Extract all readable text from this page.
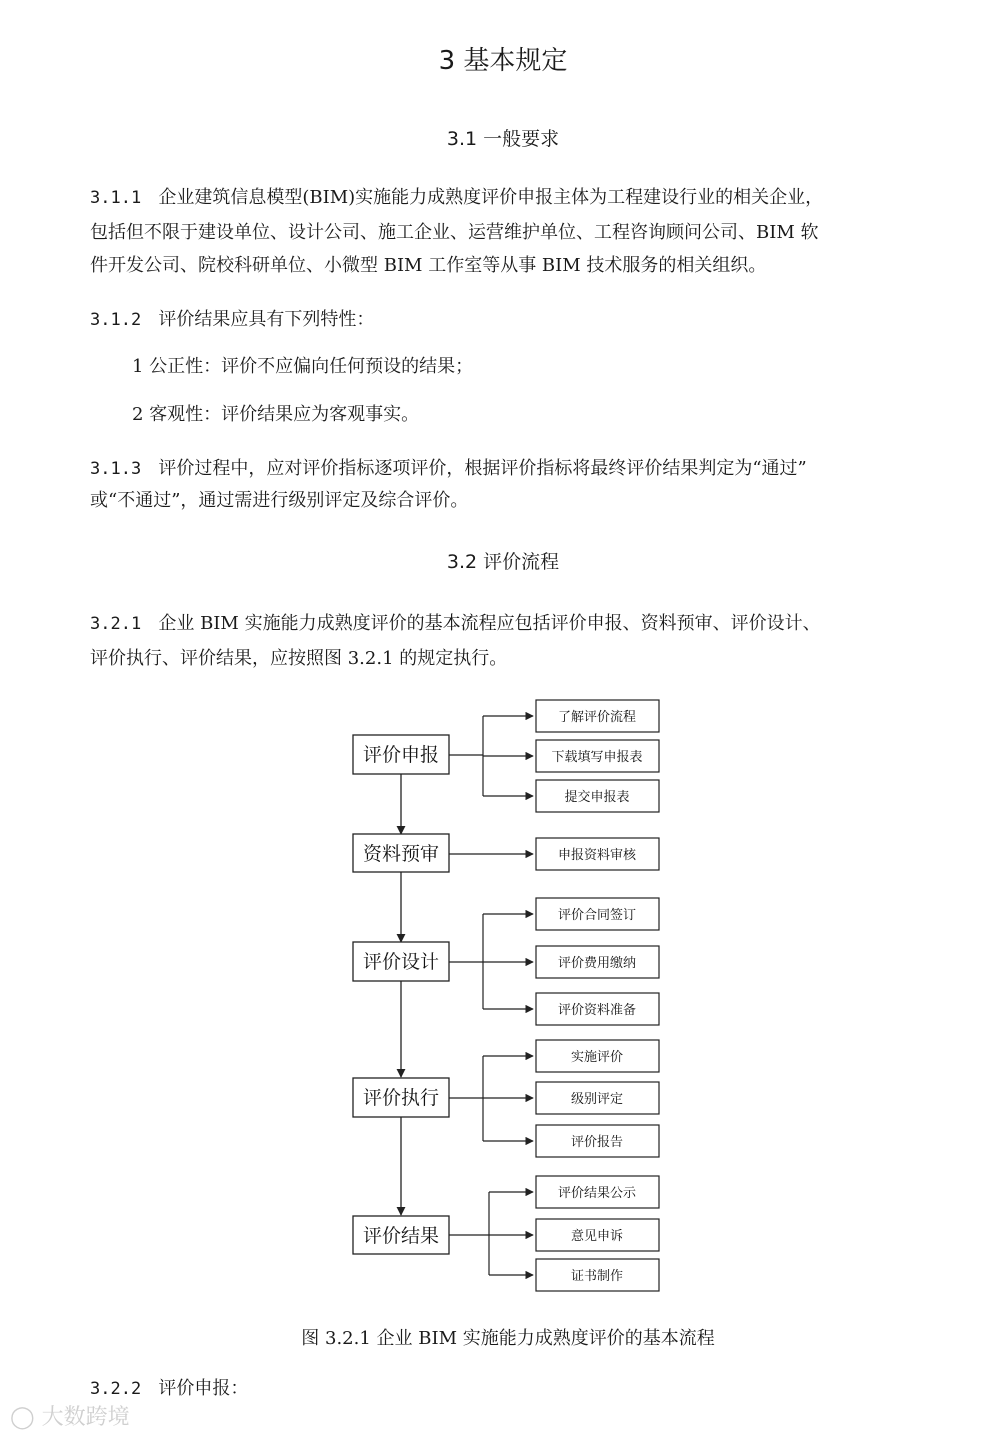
3 基本规定
3.1 一般要求
3.1.1 企业建筑信息模型(BIM)实施能力成熟度评价申报主体为工程建设行业的相关企业，
包括但不限于建设单位、设计公司、施工企业、运营维护单位、工程咨询顾问公司、BIM 软
件开发公司、院校科研单位、小微型 BIM 工作室等从事 BIM 技术服务的相关组织。
3.1.2 评价结果应具有下列特性：
1 公正性：评价不应偏向任何预设的结果；
2 客观性：评价结果应为客观事实。
3.1.3 评价过程中，应对评价指标逐项评价，根据评价指标将最终评价结果判定为“通过”
或“不通过”，通过需进行级别评定及综合评价。
3.2 评价流程
3.2.1 企业 BIM 实施能力成熟度评价的基本流程应包括评价申报、资料预审、评价设计、
评价执行、评价结果，应按照图 3.2.1 的规定执行。
评价申报
了解评价流程
下载填写申报表
提交申报表
资料预审	申报资料审核
评价设计
评价合同签订
评价费用缴纳
评价资料准备
评价执行
实施评价
级别评定
评价报告
评价结果
评价结果公示
意见申诉
证书制作
图 3.2.1 企业 BIM 实施能力成熟度评价的基本流程
3.2.2 评价申报：
◯ 大数跨境
